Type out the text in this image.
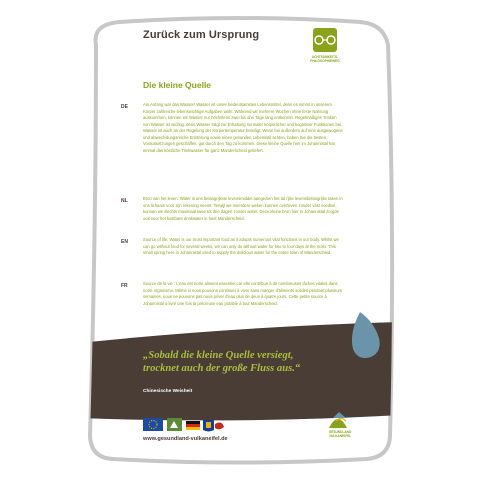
Zurück zum Ursprung
Die kleine Quelle
ACHTSAMKEITS-
PHILOSOPHIEWEG
DE	Am Anfang war das Wasser! Wasser ist unser bedeutsamstes Lebensmittel, denn es nimmt in unserem Körper zahlreiche lebenswichtige Aufgaben wahr. Während wir mehrere Wochen ohne feste Nahrung auskommen, können wir Wasser nur höchstens zwei bis drei Tage lang entbehren. Regelmäßiges Trinken von Wasser ist wichtig, denn Wasser trägt zur Erhaltung normaler körperlicher und kognitiver Funktionen bei. Wasser ist auch an der Regelung der Körpertemperatur beteiligt. Wenn bei außerdem auf eine ausgewogene und abwechslungsreiche Ernährung sowie einen gesunden Lebensstil achten, haben Sie die besten Voraussetzungen geschaffen, gut durch den Tag zu kommen. Diese kleine Quelle hier im Johannistal hat einmal das köstliche Trinkwasser für ganz Manderscheid geliefert.

NL	Bron van het leven: Water is ons belangrijkste levensmiddel aangezien het tal rijke levensbelangrijke taken in ons lichaam voor zijn rekening neemt. Terwijl we meerdere weken kunnen overleven zonder vast voedsel, kunnen we slechts maximaal twee tot drie dagen zonder water. Deze kleine bron hier in Johannistal zorgde ooit voor het kostbare drinkwater in heel Manderscheid.

EN	Source of life: Water is our most important food as it adopts numerous vital functions in our body. Whilst we can go without food for several weeks, we can only do without water for two to four days at the most. This small spring here in Johannistal used to supply the delicious water for the entire town of Manderscheid.

FR	Source de la vie : L'eau est notre aliment essentiel car elle contribue à de nombreuses tâches vitales dans notre organisme. Même si nous pouvons continuer à vivre sans manger d'aliments solides pendant plusieurs semaines, nous ne pouvons pas nous priver d'eau plus de deux à quatre jours. Cette petite source à Johannistal a livré une fois la précieuse eau potable à tout Manderscheid.

„Sobald die kleine Quelle versiegt,
trocknet auch der große Fluss aus.“
Chinesische Weisheit
www.gesundland-vulkaneifel.de
GESUNDLAND
VULKANEIFEL
